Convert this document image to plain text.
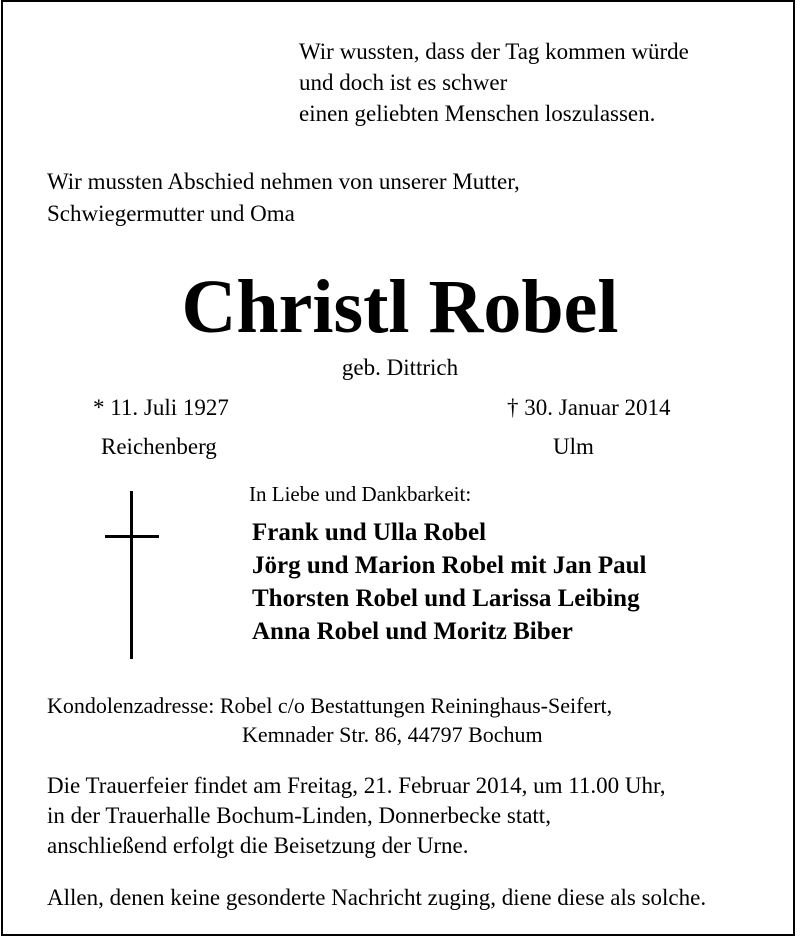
Wir wussten, dass der Tag kommen würde
und doch ist es schwer
einen geliebten Menschen loszulassen.
Wir mussten Abschied nehmen von unserer Mutter,
Schwiegermutter und Oma
Christl Robel
geb. Dittrich
* 11. Juli 1927
Reichenberg
† 30. Januar 2014
Ulm
In Liebe und Dankbarkeit:
Frank und Ulla Robel
Jörg und Marion Robel mit Jan Paul
Thorsten Robel und Larissa Leibing
Anna Robel und Moritz Biber
Kondolenzadresse: Robel c/o Bestattungen Reininghaus-Seifert,
Kemnader Str. 86, 44797 Bochum
Die Trauerfeier findet am Freitag, 21. Februar 2014, um 11.00 Uhr,
in der Trauerhalle Bochum-Linden, Donnerbecke statt,
anschließend erfolgt die Beisetzung der Urne.
Allen, denen keine gesonderte Nachricht zuging, diene diese als solche.
